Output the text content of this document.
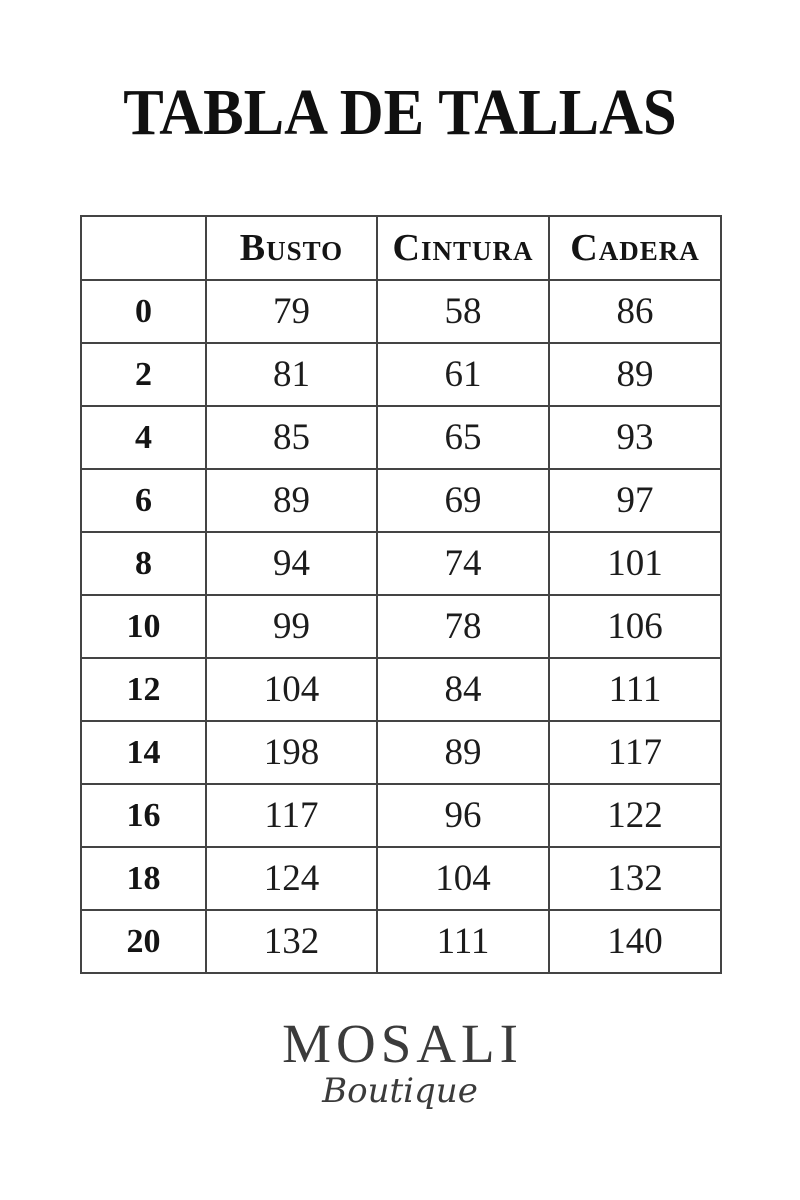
TABLA DE TALLAS
	Busto	Cintura	Cadera
0	79	58	86
2	81	61	89
4	85	65	93
6	89	69	97
8	94	74	101
10	99	78	106
12	104	84	111
14	198	89	117
16	117	96	122
18	124	104	132
20	132	111	140
MOSALI
Boutique
